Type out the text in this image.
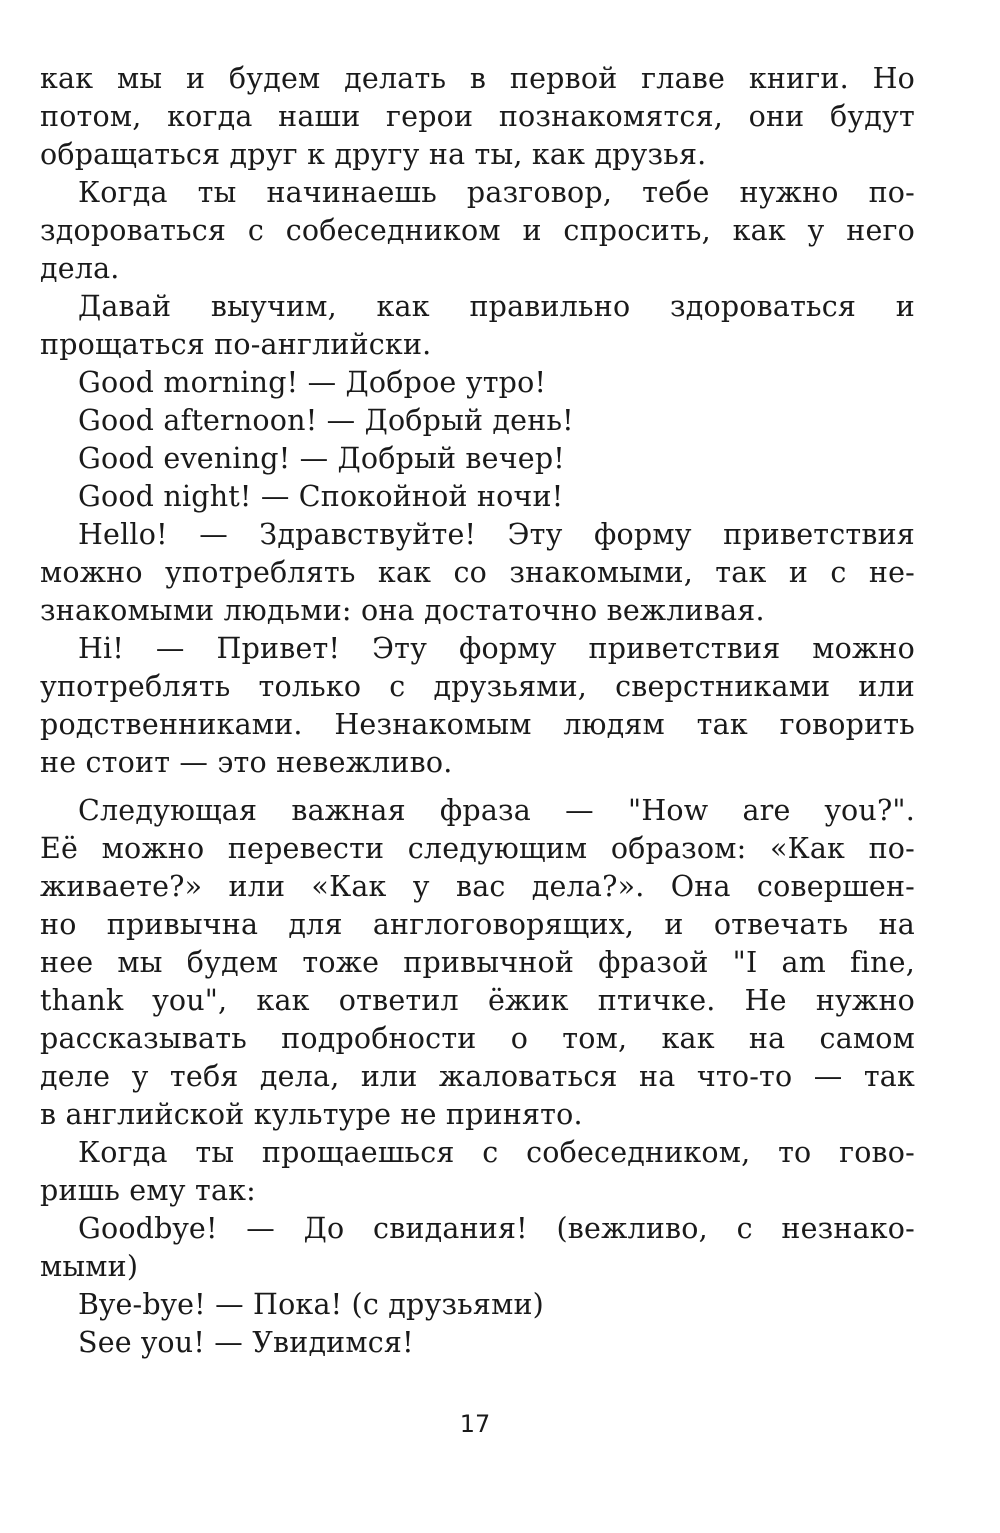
как мы и будем делать в первой главе книги. Но
потом, когда наши герои познакомятся, они будут
обращаться друг к другу на ты, как друзья.
Когда ты начинаешь разговор, тебе нужно по-
здороваться с собеседником и спросить, как у него
дела.
Давай выучим, как правильно здороваться и
прощаться по-английски.
Good morning! — Доброе утро!
Good afternoon! — Добрый день!
Good evening! — Добрый вечер!
Good night! — Спокойной ночи!
Hello! — Здравствуйте! Эту форму приветствия
можно употреблять как со знакомыми, так и с не-
знакомыми людьми: она достаточно вежливая.
Hi! — Привет! Эту форму приветствия можно
употреблять только с друзьями, сверстниками или
родственниками. Незнакомым людям так говорить
не стоит — это невежливо.
Следующая важная фраза — "How are you?".
Её можно перевести следующим образом: «Как по-
живаете?» или «Как у вас дела?». Она совершен-
но привычна для англоговорящих, и отвечать на
нее мы будем тоже привычной фразой "I am fine,
thank you", как ответил ёжик птичке. Не нужно
рассказывать подробности о том, как на самом
деле у тебя дела, или жаловаться на что-то — так
в английской культуре не принято.
Когда ты прощаешься с собеседником, то гово-
ришь ему так:
Goodbye! — До свидания! (вежливо, с незнако-
мыми)
Bye-bye! — Пока! (с друзьями)
See you! — Увидимся!
17
